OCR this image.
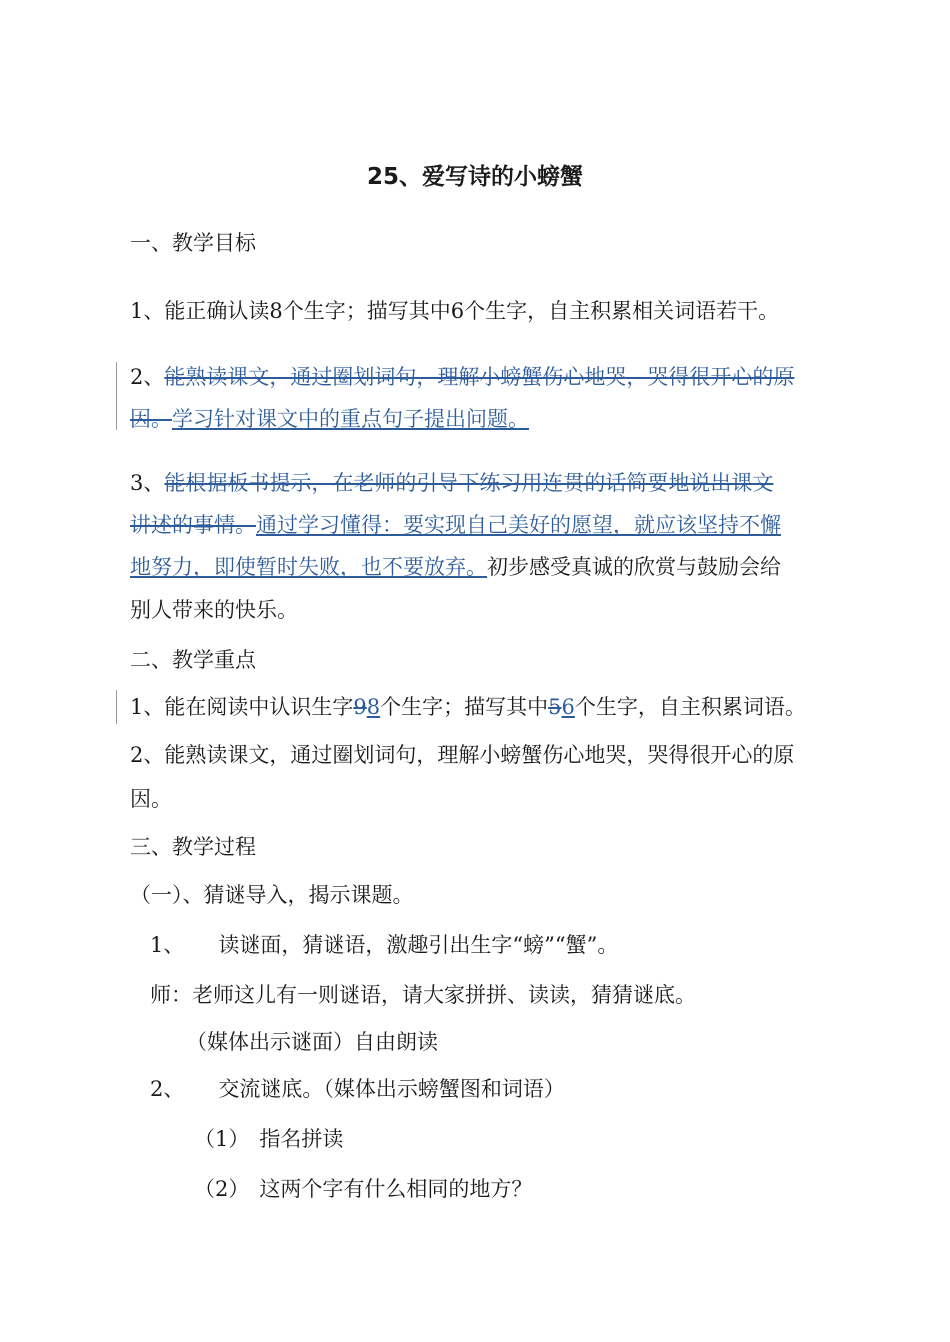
25、爱写诗的小螃蟹
一、教学目标
1、能正确认读8个生字；描写其中6个生字，自主积累相关词语若干。
2、能熟读课文，通过圈划词句，理解小螃蟹伤心地哭，哭得很开心的原
因。学习针对课文中的重点句子提出问题。
3、能根据板书提示，在老师的引导下练习用连贯的话简要地说出课文
讲述的事情。通过学习懂得：要实现自己美好的愿望，就应该坚持不懈
地努力，即使暂时失败，也不要放弃。初步感受真诚的欣赏与鼓励会给
别人带来的快乐。
二、教学重点
1、能在阅读中认识生字98个生字；描写其中56个生字，自主积累词语。
2、能熟读课文，通过圈划词句，理解小螃蟹伤心地哭，哭得很开心的原
因。
三、教学过程
（一）、猜谜导入，揭示课题。
1、 读谜面，猜谜语，激趣引出生字“螃”“蟹”。
师：老师这儿有一则谜语，请大家拼拼、读读，猜猜谜底。
（媒体出示谜面）自由朗读
2、 交流谜底。（媒体出示螃蟹图和词语）
（1） 指名拼读
（2） 这两个字有什么相同的地方？
